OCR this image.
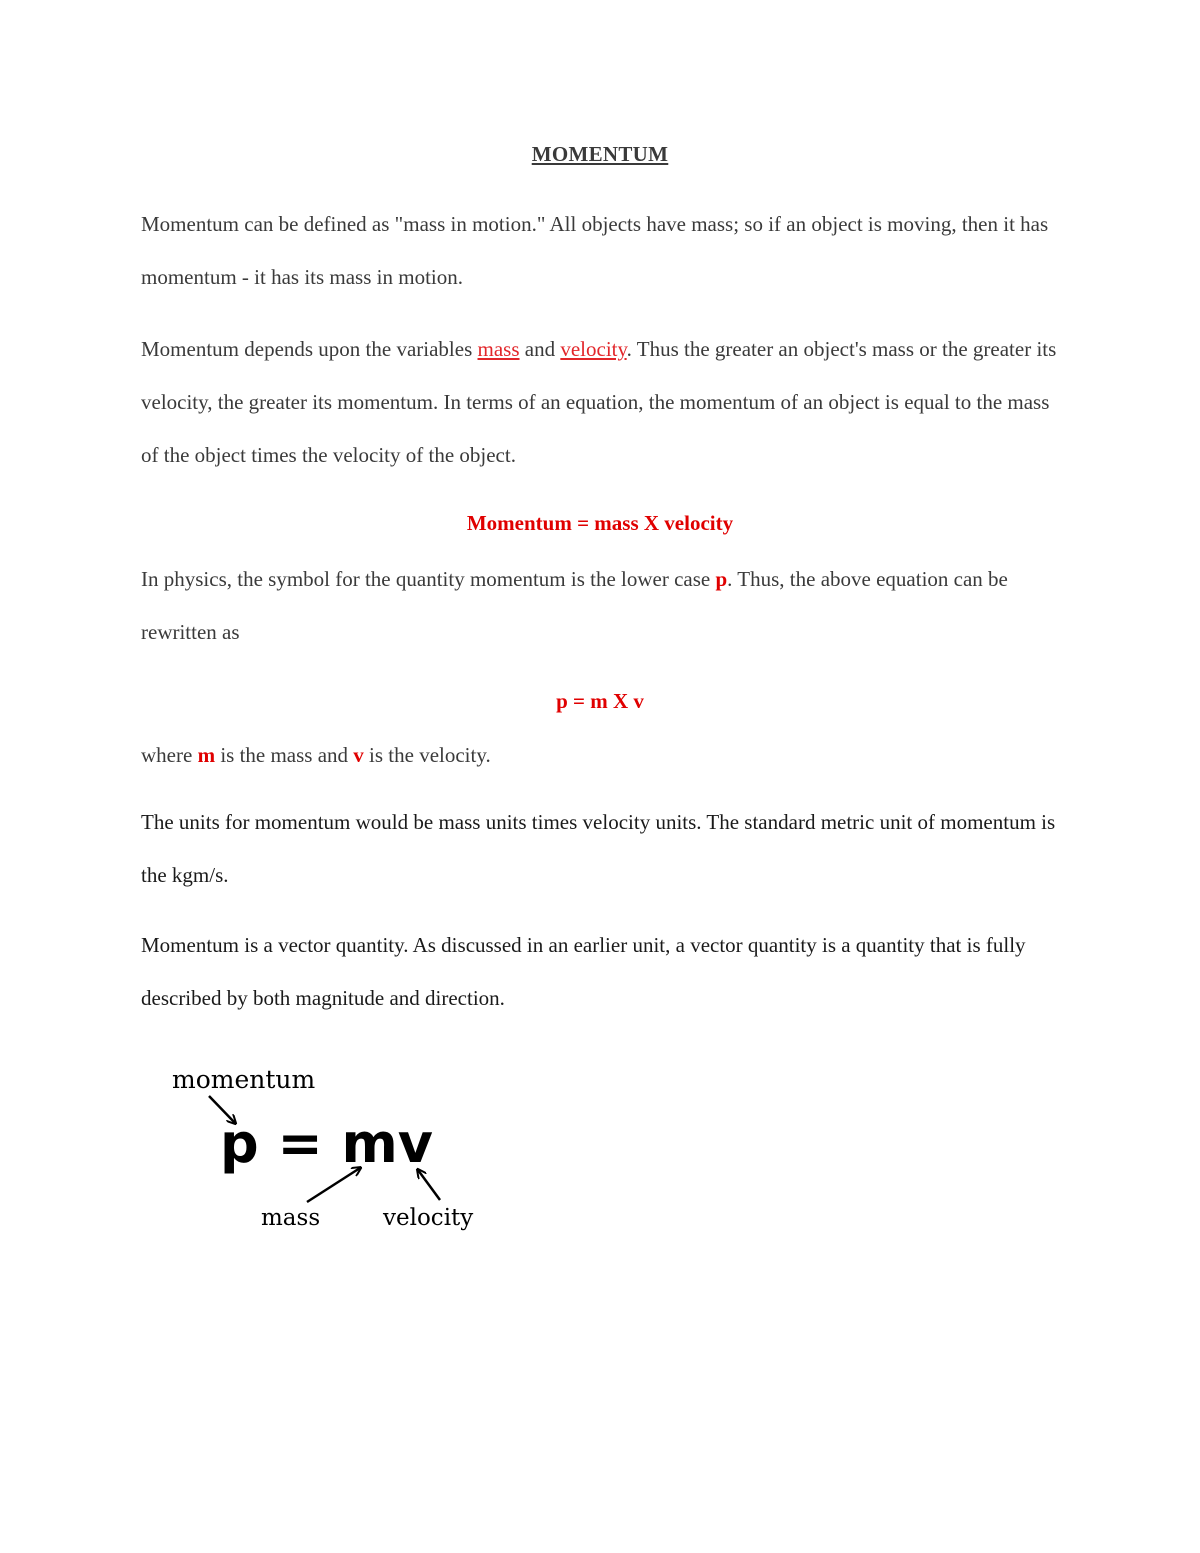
MOMENTUM

Momentum can be defined as "mass in motion." All objects have mass; so if an object is moving, then it has momentum - it has its mass in motion.

Momentum depends upon the variables mass and velocity. Thus the greater an object's mass or the greater its velocity, the greater its momentum. In terms of an equation, the momentum of an object is equal to the mass of the object times the velocity of the object.

Momentum = mass X velocity

In physics, the symbol for the quantity momentum is the lower case p. Thus, the above equation can be rewritten as

p = m X v

where m is the mass and v is the velocity.

The units for momentum would be mass units times velocity units. The standard metric unit of momentum is the kgm/s.

Momentum is a vector quantity. As discussed in an earlier unit, a vector quantity is a quantity that is fully described by both magnitude and direction.

momentum
p = mv
mass	velocity
